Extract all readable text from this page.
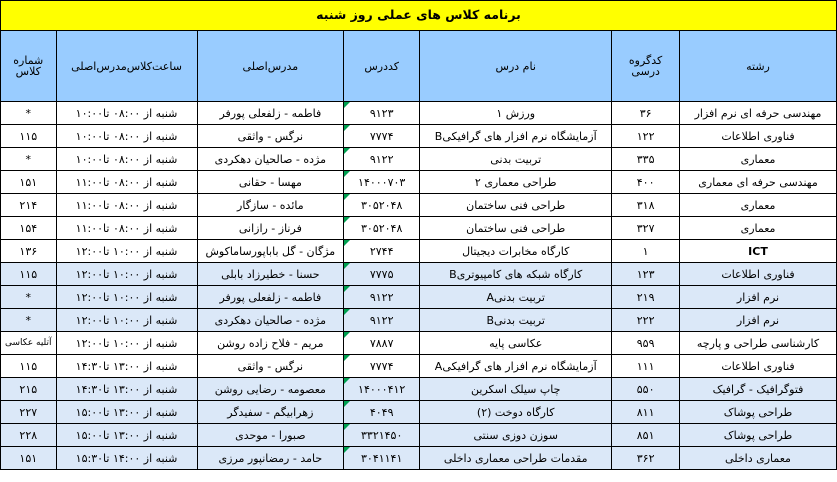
برنامه کلاس های عملی روز شنبه						
رشته	کدگروه درسی	نام درس	کددرس	مدرس‌اصلی	ساعت‌کلاس‌مدرس‌اصلی	شماره کلاس
مهندسی حرفه ای نرم افزار	۳۶	ورزش ۱	۹۱۲۳	فاطمه - زلفعلی پورفر	شنبه از ۰۸:۰۰ تا۱۰:۰۰	*
فناوری اطلاعات	۱۲۲	آزمایشگاه نرم افزار های گرافیکیB	۷۷۷۴	نرگس - واثقی	شنبه از ۰۸:۰۰ تا۱۰:۰۰	۱۱۵
معماری	۳۳۵	تربیت بدنی	۹۱۲۲	مژده - صالحیان دهکردی	شنبه از ۰۸:۰۰ تا۱۰:۰۰	*
مهندسی حرفه ای معماری	۴۰۰	طراحی معماری ۲	۱۴۰۰۰۷۰۳	مهسا - حقانی	شنبه از ۰۸:۰۰ تا۱۱:۰۰	۱۵۱
معماری	۳۱۸	طراحی فنی ساختمان	۳۰۵۲۰۴۸	مائده - سازگار	شنبه از ۰۸:۰۰ تا۱۱:۰۰	۲۱۴
معماری	۳۲۷	طراحی فنی ساختمان	۳۰۵۲۰۴۸	فرناز - رازانی	شنبه از ۰۸:۰۰ تا۱۱:۰۰	۱۵۴
ICT	۱	کارگاه مخابرات دیجیتال	۲۷۴۴	مژگان - گل باباپورساماکوش	شنبه از ۱۰:۰۰ تا۱۲:۰۰	۱۳۶
فناوری اطلاعات	۱۲۳	کارگاه شبکه های کامپیوتریB	۷۷۷۵	حسنا - خطیرزاد بابلی	شنبه از ۱۰:۰۰ تا۱۲:۰۰	۱۱۵
نرم افزار	۲۱۹	تربیت بدنیA	۹۱۲۲	فاطمه - زلفعلی پورفر	شنبه از ۱۰:۰۰ تا۱۲:۰۰	*
نرم افزار	۲۲۲	تربیت بدنیB	۹۱۲۲	مژده - صالحیان دهکردی	شنبه از ۱۰:۰۰ تا۱۲:۰۰	*
کارشناسی طراحی و پارچه	۹۵۹	عکاسی پایه	۷۸۸۷	مریم - فلاح زاده روشن	شنبه از ۱۰:۰۰ تا۱۲:۰۰	آتلیه عکاسی
فناوری اطلاعات	۱۱۱	آزمایشگاه نرم افزار های گرافیکیA	۷۷۷۴	نرگس - واثقی	شنبه از ۱۳:۰۰ تا۱۴:۳۰	۱۱۵
فتوگرافیک - گرافیک	۵۵۰	چاپ سیلک اسکرین	۱۴۰۰۰۴۱۲	معصومه - رضایی روشن	شنبه از ۱۳:۰۰ تا۱۴:۳۰	۲۱۵
طراحی پوشاک	۸۱۱	کارگاه دوخت (۲)	۴۰۴۹	زهرابیگم - سفیدگر	شنبه از ۱۳:۰۰ تا۱۵:۰۰	۲۲۷
طراحی پوشاک	۸۵۱	سوزن دوزی سنتی	۳۳۲۱۴۵۰	صبورا - موحدی	شنبه از ۱۳:۰۰ تا۱۵:۰۰	۲۲۸
معماری داخلی	۳۶۲	مقدمات طراحی معماری داخلی	۳۰۴۱۱۴۱	حامد - رمضانپور مرزی	شنبه از ۱۴:۰۰ تا۱۵:۳۰	۱۵۱
